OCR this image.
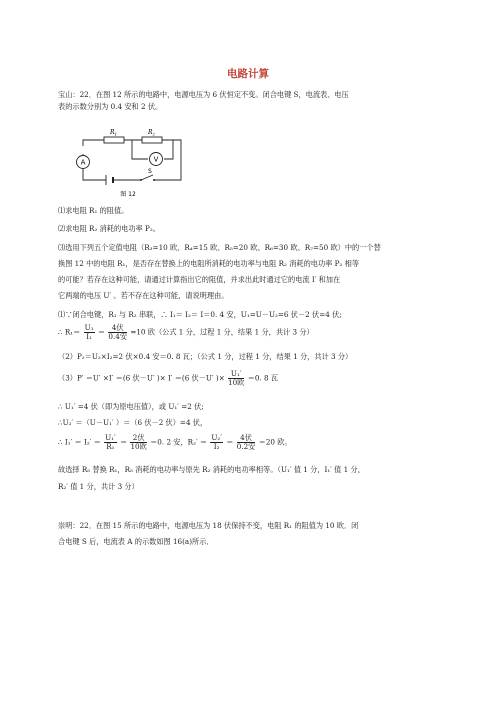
电路计算
宝山：22．在图 12 所示的电路中，电源电压为 6 伏恒定不变。闭合电键 S，电流表、电压
表的示数分别为 0.4 安和 2 伏。
$R_1$	$R_2$
A	V
S
图 12
⑴求电阻 R₁ 的阻值。
⑵求电阻 R₂ 消耗的电功率 P₂。
⑶选用下列五个定值电阻（R₃=10 欧、R₄=15 欧、R₅=20 欧、R₆=30 欧、R₇=50 欧）中的一个替
换图 12 中的电阻 R₁，是否存在替换上的电阻所消耗的电功率与电阻 R₂ 消耗的电功率 P₂ 相等
的可能？若存在这种可能，请通过计算指出它的阻值，并求出此时通过它的电流 I′ 和加在
它两端的电压 U′ 。若不存在这种可能，请说明理由。
⑴∵闭合电键，R₁ 与 R₂ 串联，∴ I₁＝ I₂＝ I＝0. 4 安，U₁=U－U₂=6 伏－2 伏=4 伏;
∴ $R_1= \frac{\text{U₁}}{\text{I₁}} = \frac{\text{4伏}}{\text{0.4安}} =10$ 欧（公式 1 分，过程 1 分，结果 1 分，共计 3 分）
（2）P₂＝U₂×I₂=2 伏×0.4 安＝0. 8 瓦；（公式 1 分，过程 1 分，结果 1 分，共计 3 分）
（3）P′ ＝U′ ×I′ ＝(6 伏－U′ )× I′ ＝(6 伏－U′ )× $\frac{\text{U₁′}}{\text{10欧}} =0$. 8 瓦
∴ U₁′ =4 伏（即为原电压值），或 U₁′ =2 伏;
∴U₂′ ＝（U－U₁′ ）＝（6 伏－2 伏）=4 伏，
∴ $I_1' = I_2' = \frac{\text{U₁′}}{\text{R₁}} = \frac{\text{2伏}}{\text{10欧}} =0$. 2 安，$R_2' = \frac{\text{U₂′}}{\text{I₂}} = \frac{\text{4伏}}{\text{0.2安}} =20$ 欧。
故选择 R₅ 替换 R₁，R₅ 消耗的电功率与原先 R₂ 消耗的电功率相等。（U₁′ 值 1 分，I₁′ 值 1 分，
R₂′ 值 1 分，共计 3 分）
崇明：22．在图 15 所示的电路中，电源电压为 18 伏保持不变，电阻 R₁ 的阻值为 10 欧．闭
合电键 S 后，电流表 A 的示数如图 16(a)所示．
